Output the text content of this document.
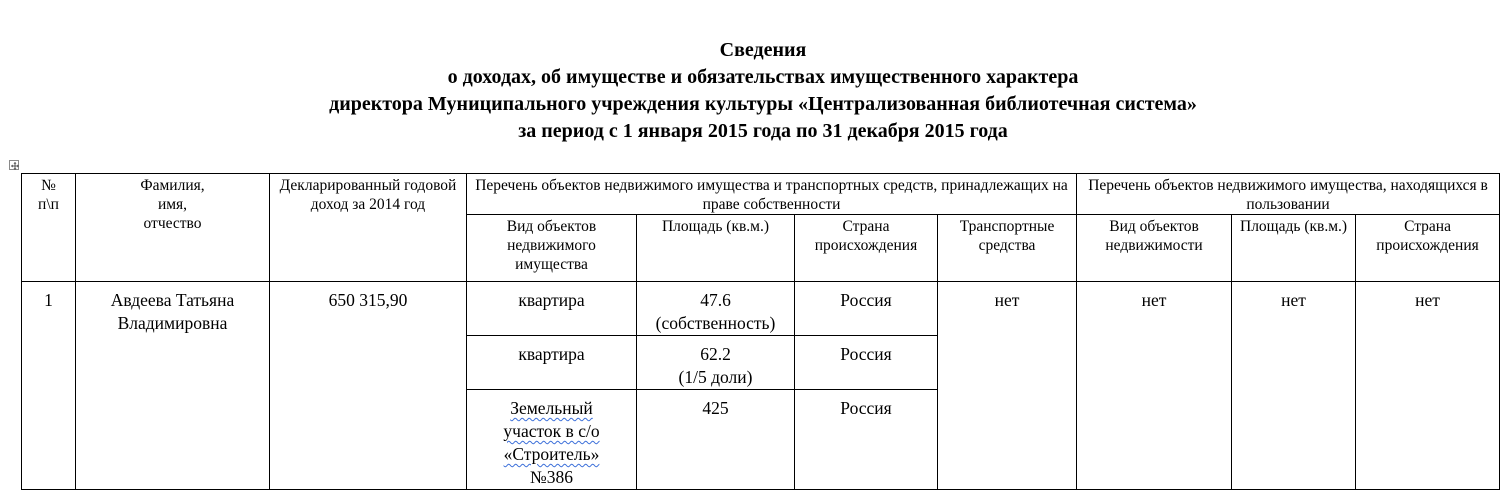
Сведения
о доходах, об имуществе и обязательствах имущественного характера
директора Муниципального учреждения культуры «Централизованная библиотечная система»
за период с 1 января 2015 года по 31 декабря 2015 года
№
п\п	Фамилия,
имя,
отчество	Декларированный годовой доход за 2014 год	Перечень объектов недвижимого имущества и транспортных средств, принадлежащих на праве собственности				Перечень объектов недвижимого имущества, находящихся в пользовании		
			Вид объектов недвижимого имущества	Площадь (кв.м.)	Страна происхождения	Транспортные средства	Вид объектов недвижимости	Площадь (кв.м.)	Страна происхождения
1	Авдеева Татьяна Владимировна	650 315,90	квартира	47.6
(собственность)	Россия	нет	нет	нет	нет
			квартира	62.2
(1/5 доли)	Россия				
			Земельный
участок в с/о
«Строитель»
№386	425	Россия				
